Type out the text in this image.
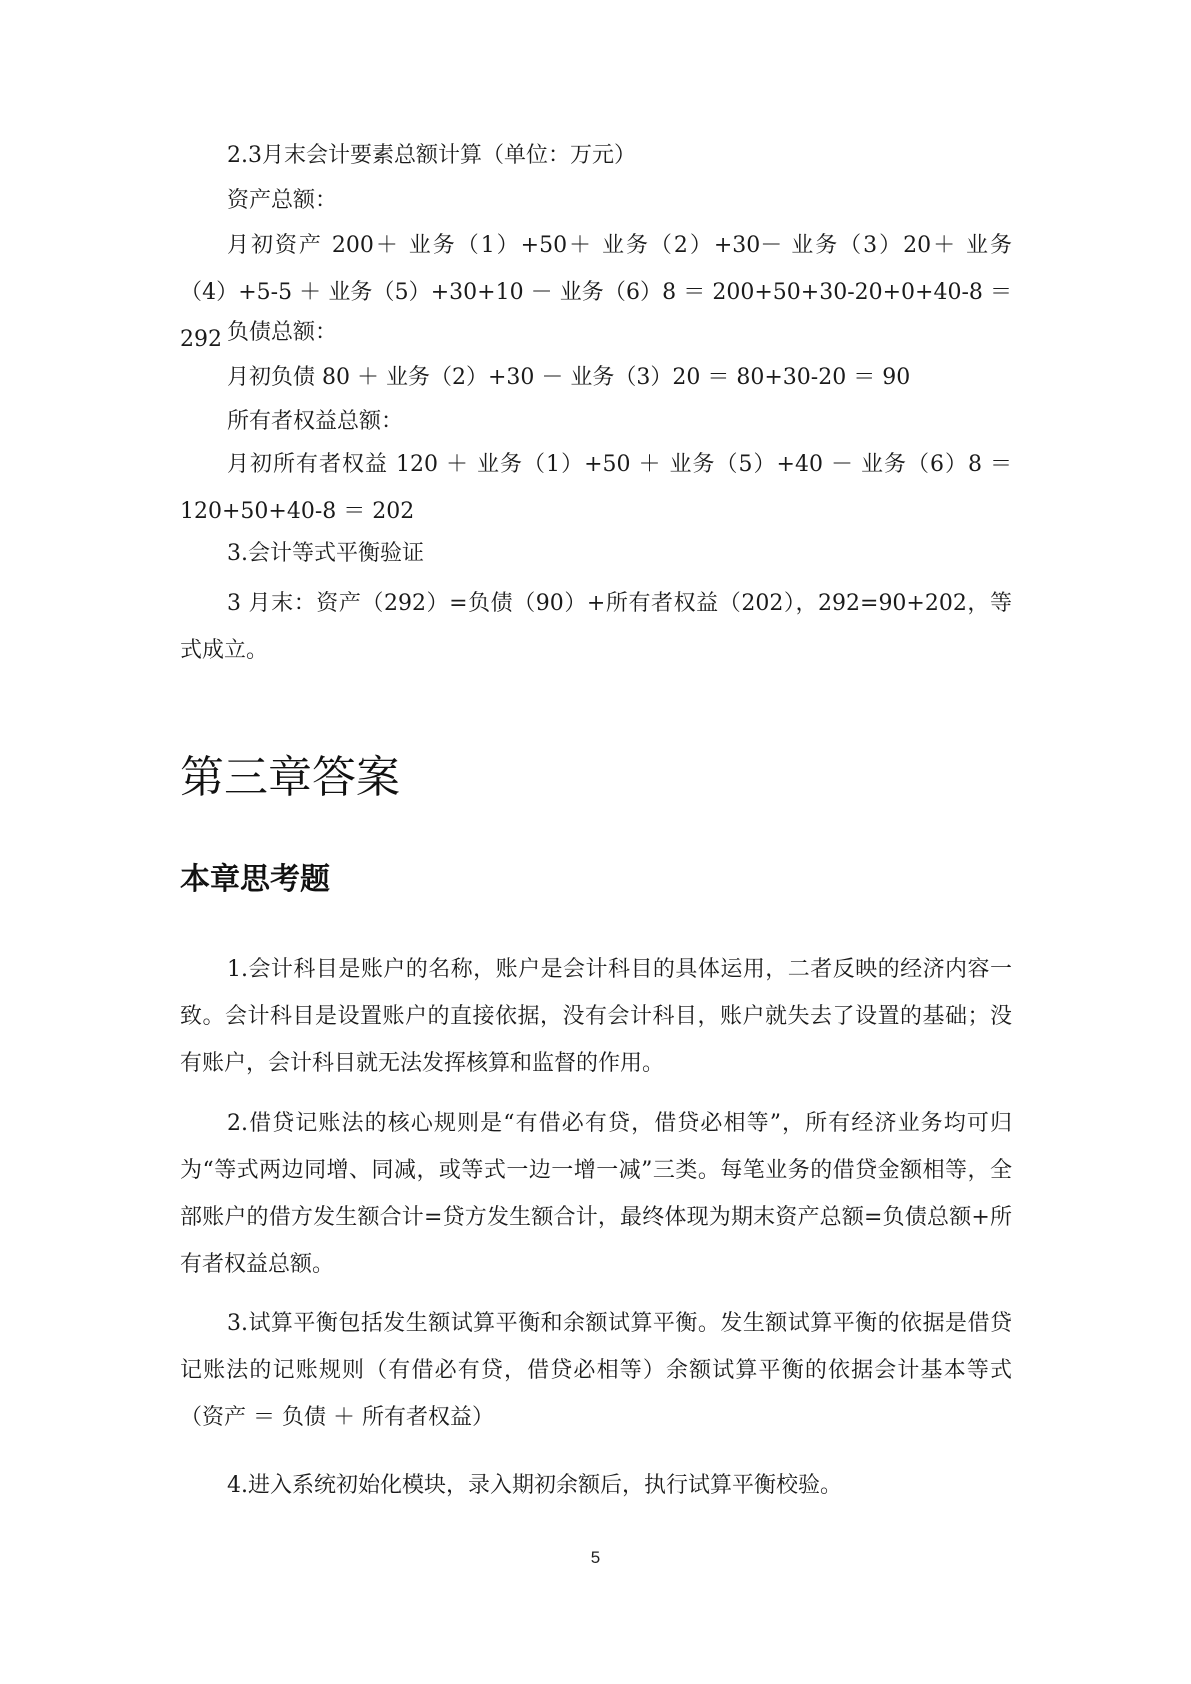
2.3月末会计要素总额计算（单位：万元）

资产总额：

月初资产 200＋ 业务（1）+50＋ 业务（2）+30－ 业务（3）20＋ 业务（4）+5-5 ＋ 业务（5）+30+10 － 业务（6）8 ＝ 200+50+30-20+0+40-8 ＝ 292 负债总额：

月初负债 80 ＋ 业务（2）+30 － 业务（3）20 ＝ 80+30-20 ＝ 90

所有者权益总额：

月初所有者权益 120 ＋ 业务（1）+50 ＋ 业务（5）+40 － 业务（6）8 ＝ 120+50+40-8 ＝ 202

3.会计等式平衡验证

3 月末：资产（292）=负债（90）+所有者权益（202），292=90+202，等式成立。

第三章答案
本章思考题

1.会计科目是账户的名称，账户是会计科目的具体运用，二者反映的经济内容一致。会计科目是设置账户的直接依据，没有会计科目，账户就失去了设置的基础；没有账户，会计科目就无法发挥核算和监督的作用。

2.借贷记账法的核心规则是“有借必有贷，借贷必相等”，所有经济业务均可归为“等式两边同增、同减，或等式一边一增一减”三类。每笔业务的借贷金额相等，全部账户的借方发生额合计=贷方发生额合计，最终体现为期末资产总额=负债总额+所有者权益总额。

3.试算平衡包括发生额试算平衡和余额试算平衡。发生额试算平衡的依据是借贷记账法的记账规则（有借必有贷，借贷必相等）余额试算平衡的依据会计基本等式（资产 ＝ 负债 ＋ 所有者权益）

4.进入系统初始化模块，录入期初余额后，执行试算平衡校验。

5
